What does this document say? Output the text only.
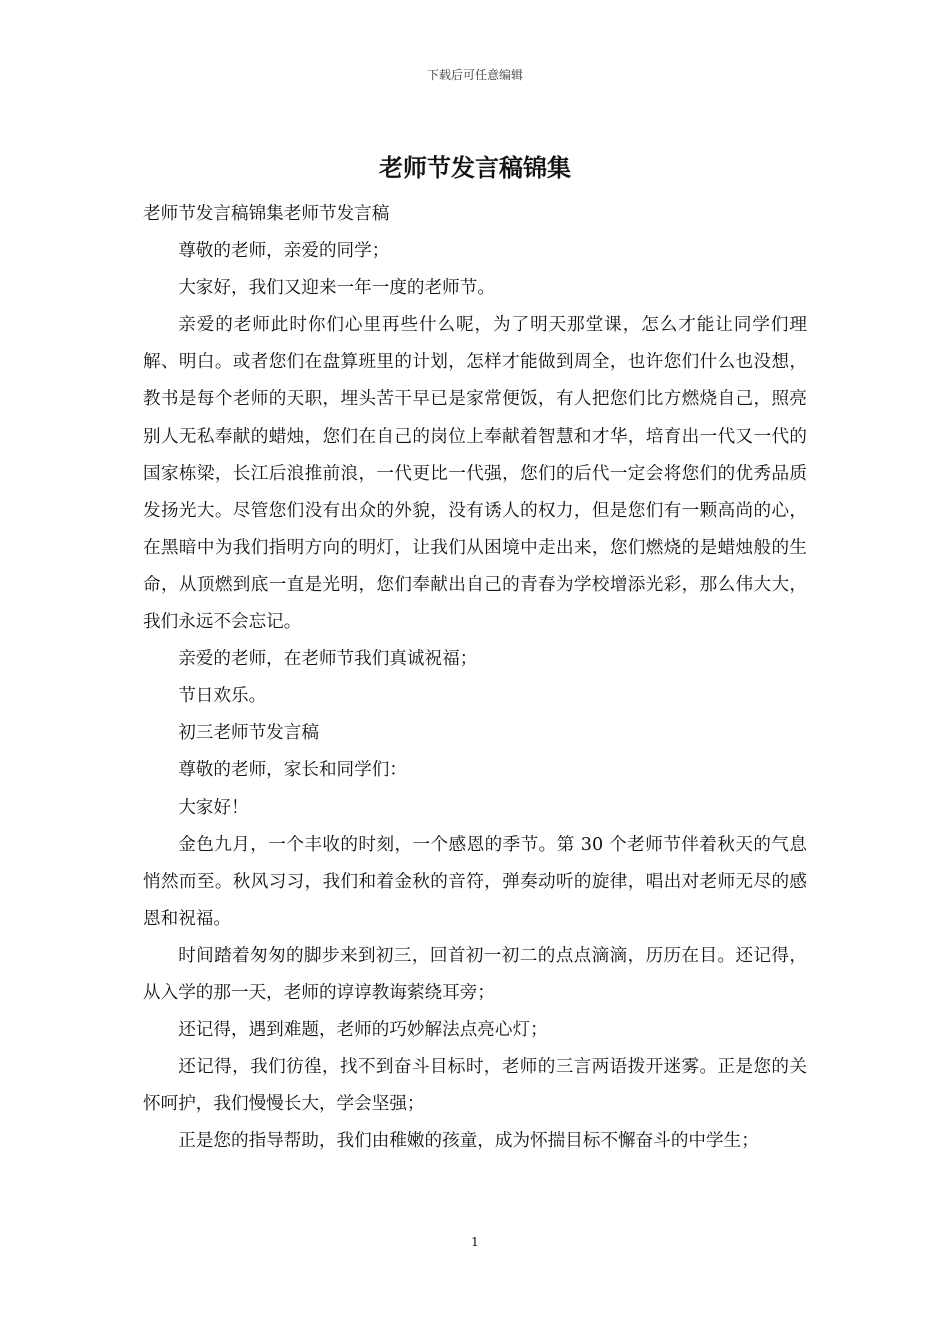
下载后可任意编辑
老师节发言稿锦集

老师节发言稿锦集老师节发言稿

尊敬的老师，亲爱的同学；

大家好，我们又迎来一年一度的老师节。

亲爱的老师此时你们心里再些什么呢，为了明天那堂课，怎么才能让同学们理解、明白。或者您们在盘算班里的计划，怎样才能做到周全，也许您们什么也没想，教书是每个老师的天职，埋头苦干早已是家常便饭，有人把您们比方燃烧自己，照亮别人无私奉献的蜡烛，您们在自己的岗位上奉献着智慧和才华，培育出一代又一代的国家栋梁，长江后浪推前浪，一代更比一代强，您们的后代一定会将您们的优秀品质发扬光大。尽管您们没有出众的外貌，没有诱人的权力，但是您们有一颗高尚的心，在黑暗中为我们指明方向的明灯，让我们从困境中走出来，您们燃烧的是蜡烛般的生命，从顶燃到底一直是光明，您们奉献出自己的青春为学校增添光彩，那么伟大大，我们永远不会忘记。

亲爱的老师，在老师节我们真诚祝福；

节日欢乐。

初三老师节发言稿

尊敬的老师，家长和同学们：

大家好！

金色九月，一个丰收的时刻，一个感恩的季节。第 30 个老师节伴着秋天的气息悄然而至。秋风习习，我们和着金秋的音符，弹奏动听的旋律，唱出对老师无尽的感恩和祝福。

时间踏着匆匆的脚步来到初三，回首初一初二的点点滴滴，历历在目。还记得，从入学的那一天，老师的谆谆教诲萦绕耳旁；

还记得，遇到难题，老师的巧妙解法点亮心灯；

还记得，我们彷徨，找不到奋斗目标时，老师的三言两语拨开迷雾。正是您的关怀呵护，我们慢慢长大，学会坚强；

正是您的指导帮助，我们由稚嫩的孩童，成为怀揣目标不懈奋斗的中学生；

1
